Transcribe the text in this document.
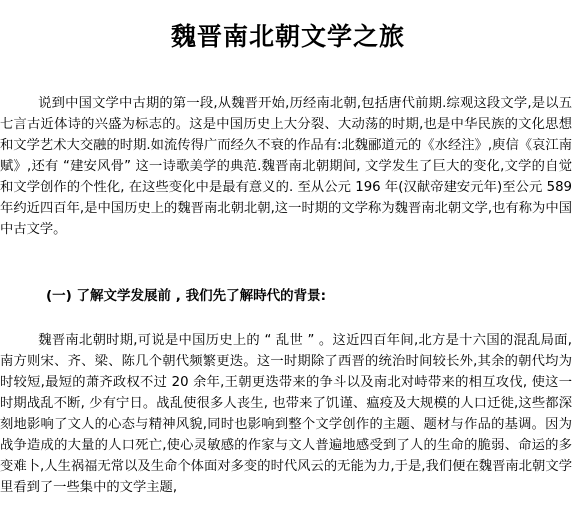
魏晋南北朝文学之旅

说到中国文学中古期的第一段,从魏晋开始,历经南北朝,包括唐代前期.综观这段文学,是以五七言古近体诗的兴盛为标志的。这是中国历史上大分裂、大动荡的时期,也是中华民族的文化思想和文学艺术大交融的时期.如流传得广而经久不衰的作品有:北魏郦道元的《水经注》,庾信《哀江南赋》,还有 “建安风骨” 这一诗歌美学的典范.魏晋南北朝期间, 文学发生了巨大的变化,文学的自觉和文学创作的个性化, 在这些变化中是最有意义的. 至从公元 196 年(汉献帝建安元年)至公元 589 年约近四百年,是中国历史上的魏晋南北朝北朝,这一时期的文学称为魏晋南北朝文学,也有称为中国中古文学。

(一) 了解文学发展前 , 我们先了解時代的背景:

魏晋南北朝时期,可说是中国历史上的 “ 乱世 ” 。这近四百年间,北方是十六国的混乱局面,南方则宋、齐、梁、陈几个朝代频繁更迭。这一时期除了西晋的统治时间较长外,其余的朝代均为时较短,最短的萧齐政权不过 20 余年,王朝更迭带来的争斗以及南北对峙带来的相互攻伐, 使这一时期战乱不断, 少有宁日。战乱使很多人丧生, 也带来了饥谨、瘟疫及大规模的人口迁徙,这些都深刻地影响了文人的心态与精神风貌,同时也影响到整个文学创作的主题、题材与作品的基调。因为战争造成的大量的人口死亡,使心灵敏感的作家与文人普遍地感受到了人的生命的脆弱、命运的多变难卜,人生祸福无常以及生命个体面对多变的时代风云的无能为力,于是,我们便在魏晋南北朝文学里看到了一些集中的文学主题,
